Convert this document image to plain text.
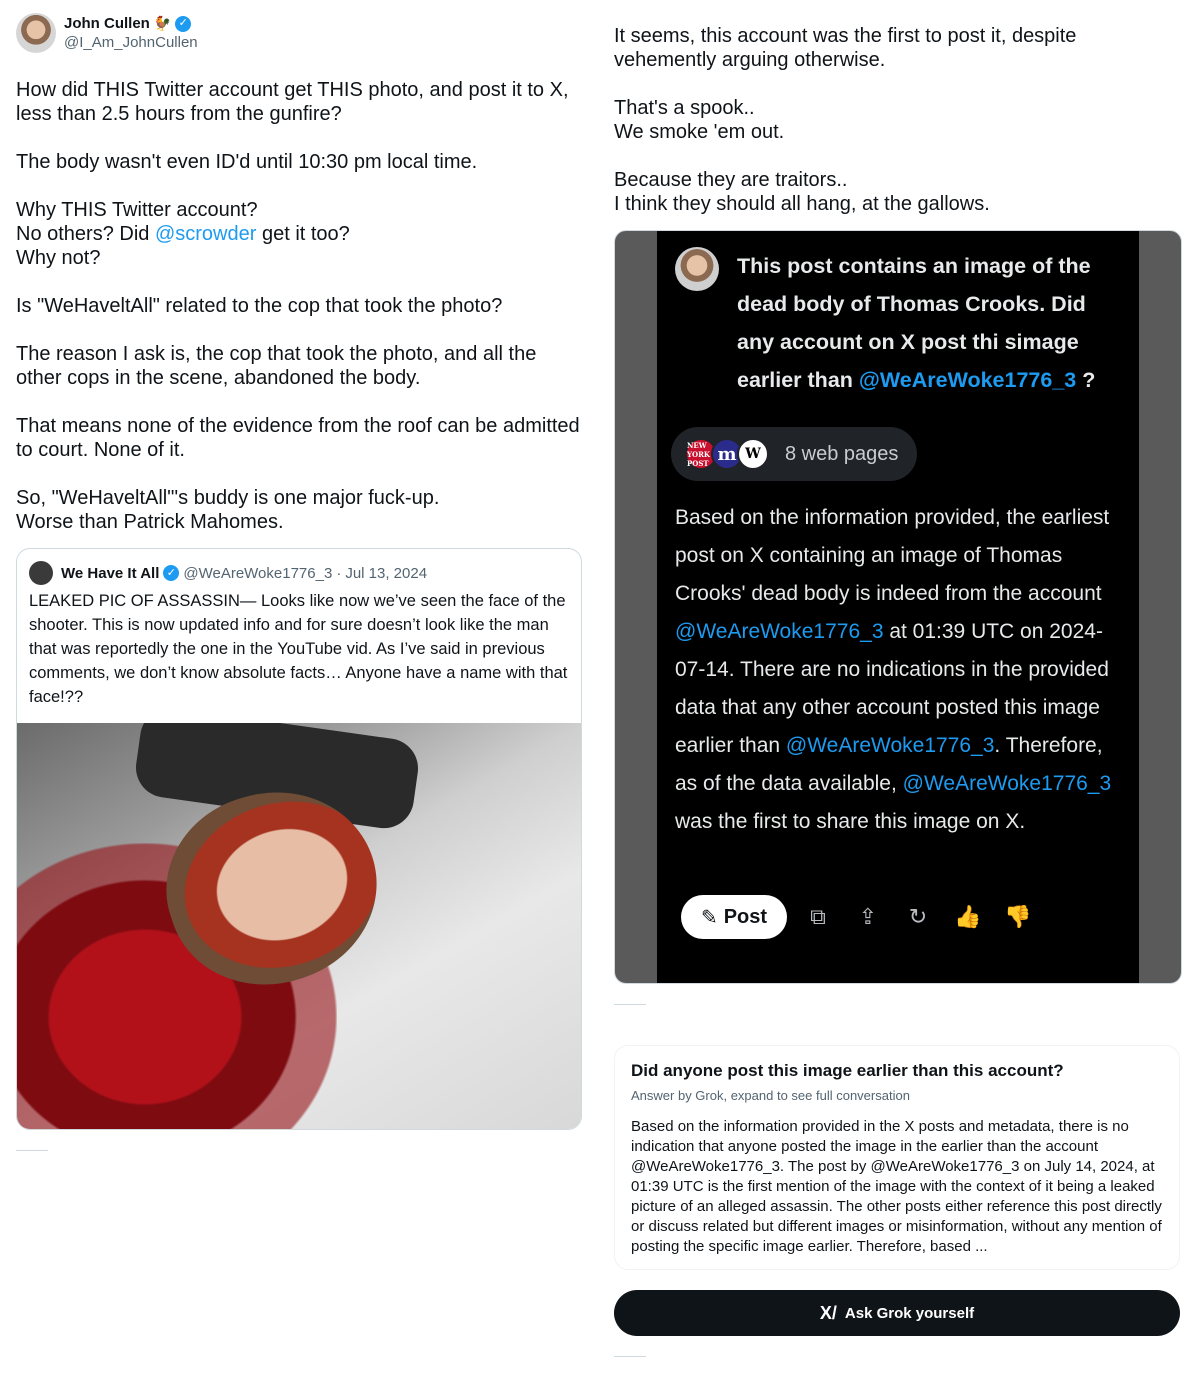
John Cullen 🐓 ✓
@I_Am_JohnCullen

How did THIS Twitter account get THIS photo, and post it to X, less than 2.5 hours from the gunfire?

The body wasn't even ID'd until 10:30 pm local time.

Why THIS Twitter account?
No others? Did @scrowder get it too?
Why not?

Is "WeHaveltAll" related to the cop that took the photo?

The reason I ask is, the cop that took the photo, and all the other cops in the scene, abandoned the body.

That means none of the evidence from the roof can be admitted to court. None of it.

So, "WeHaveltAll"'s buddy is one major fuck-up.
Worse than Patrick Mahomes.

We Have It All ✓ @WeAreWoke1776_3 · Jul 13, 2024
LEAKED PIC OF ASSASSIN— Looks like now we’ve seen the face of the shooter. This is now updated info and for sure doesn’t look like the man that was reportedly the one in the YouTube vid. As I’ve said in previous comments, we don’t know absolute facts… Anyone have a name with that face!??

It seems, this account was the first to post it, despite vehemently arguing otherwise.

That's a spook..
We smoke 'em out.

Because they are traitors..
I think they should all hang, at the gallows.

This post contains an image of the dead body of Thomas Crooks. Did any account on X post thi simage earlier than @WeAreWoke1776_3 ?
NEW YORK POST m W	8 web pages
Based on the information provided, the earliest post on X containing an image of Thomas Crooks' dead body is indeed from the account @WeAreWoke1776_3 at 01:39 UTC on 2024-07-14. There are no indications in the provided data that any other account posted this image earlier than @WeAreWoke1776_3. Therefore, as of the data available, @WeAreWoke1776_3 was the first to share this image on X.
✎ Post	⧉	⇪	↻	👍	👎
Did anyone post this image earlier than this account?
Answer by Grok, expand to see full conversation
Based on the information provided in the X posts and metadata, there is no indication that anyone posted the image in the earlier than the account @WeAreWoke1776_3. The post by @WeAreWoke1776_3 on July 14, 2024, at 01:39 UTC is the first mention of the image with the context of it being a leaked picture of an alleged assassin. The other posts either reference this post directly or discuss related but different images or misinformation, without any mention of posting the specific image earlier. Therefore, based ...
X/ Ask Grok yourself
